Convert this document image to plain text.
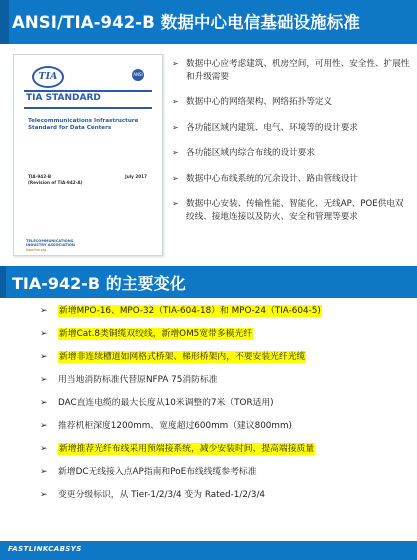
ANSI/TIA-942-B 数据中心电信基础设施标准
TIA	ANSI
TIA STANDARD
Telecommunications Infrastructure Standard for Data Centers
TIA-942-B
(Revision of TIA-942-A)
July 2017
TELECOMMUNICATIONS
INDUSTRY ASSOCIATION
tiaonline.org
➢ 数据中心应考虑建筑、机房空间，可用性、安全性、扩展性和升级需要
➢ 数据中心的网络架构、网络拓扑等定义
➢ 各功能区域内建筑、电气、环境等的设计要求
➢ 各功能区域内综合布线的设计要求
➢ 数据中心布线系统的冗余设计、路由管线设计
➢ 数据中心安装、传输性能、智能化、无线AP、POE供电双绞线、接地连接以及防火、安全和管理等要求
TIA-942-B 的主要变化
➢ 新增MPO-16、MPO-32（TIA-604-18）和 MPO-24（TIA-604-5)
➢ 新增Cat.8类铜缆双绞线，新增OM5宽带多模光纤
➢ 新增非连续槽道如网格式桥架、梯形桥架内，不要安装光纤光缆
➢ 用当地消防标准代替原NFPA 75消防标准
➢ DAC直连电缆的最大长度从10米调整的7米（TOR适用)
➢ 推荐机柜深度1200mm、宽度超过600mm（建议800mm)
➢ 新增推荐光纤布线采用预端接系统，减少安装时间、提高端接质量
➢ 新增DC无线接入点AP指南和PoE布线线缆参考标准
➢ 变更分级标识，从 Tier-1/2/3/4 变为 Rated-1/2/3/4
FASTLINKCABSYS
